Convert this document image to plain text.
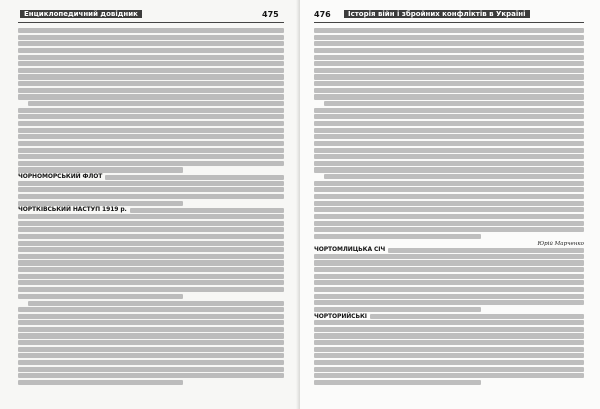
Енциклопедичний довідник	475
ЧОРНОМОРСЬКИЙ ФЛОТ
ЧОРТКІВСЬКИЙ НАСТУП 1919 р.
476	Історія війн і збройних конфліктів в Україні
Юрій Марченко
ЧОРТОМЛИЦЬКА СІЧ
ЧОРТОРИЙСЬКІ
